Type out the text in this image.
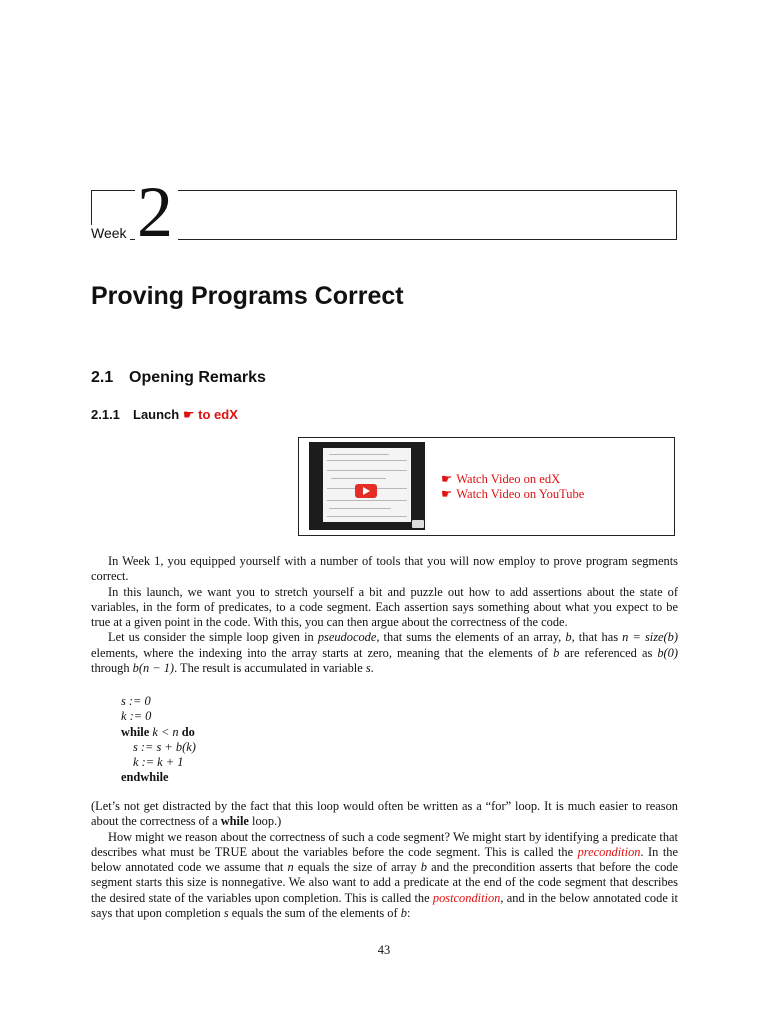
Week 2
Proving Programs Correct
2.1 Opening Remarks
2.1.1 Launch ☛ to edX
☛ Watch Video on edX
☛ Watch Video on YouTube

In Week 1, you equipped yourself with a number of tools that you will now employ to prove program segments correct.

In this launch, we want you to stretch yourself a bit and puzzle out how to add assertions about the state of variables, in the form of predicates, to a code segment. Each assertion says something about what you expect to be true at a given point in the code. With this, you can then argue about the correctness of the code.

Let us consider the simple loop given in pseudocode, that sums the elements of an array, b, that has n = size(b) elements, where the indexing into the array starts at zero, meaning that the elements of b are referenced as b(0) through b(n − 1). The result is accumulated in variable s.

s := 0
k := 0
while k < n do
s := s + b(k)
k := k + 1
endwhile

(Let’s not get distracted by the fact that this loop would often be written as a “for” loop. It is much easier to reason about the correctness of a while loop.)

How might we reason about the correctness of such a code segment? We might start by identifying a predicate that describes what must be TRUE about the variables before the code segment. This is called the precondition. In the below annotated code we assume that n equals the size of array b and the precondition asserts that before the code segment starts this size is nonnegative. We also want to add a predicate at the end of the code segment that describes the desired state of the variables upon completion. This is called the postcondition, and in the below annotated code it says that upon completion s equals the sum of the elements of b:

43
